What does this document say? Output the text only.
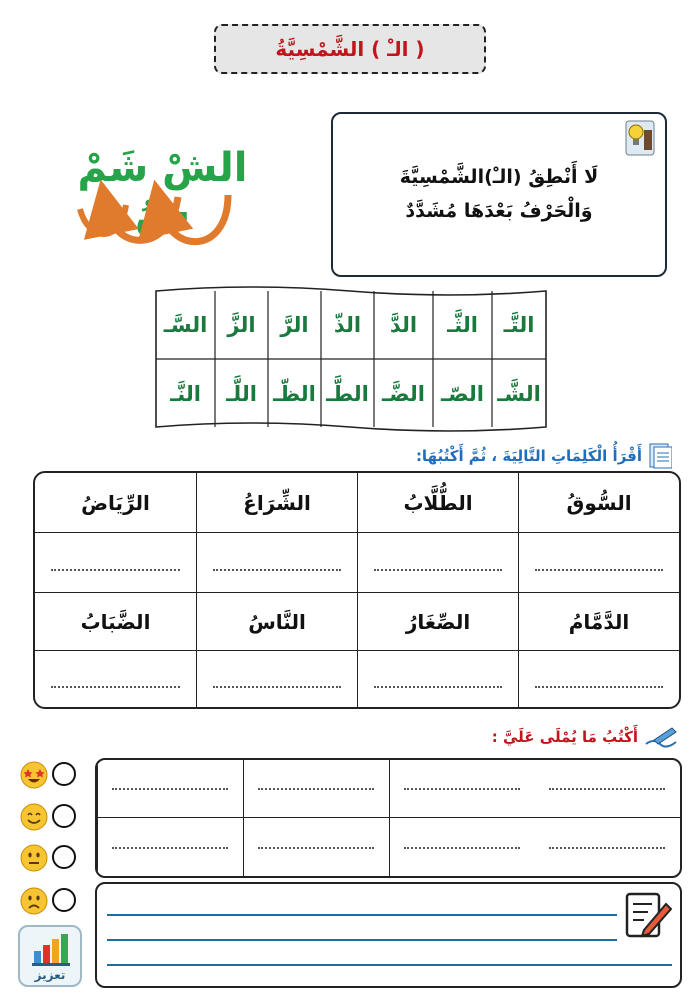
( الـْ ) الشَّمْسِيَّةُ
الشْ شَمْ سُ
لَا أَنْطِقُ (الـْ)الشَّمْسِيَّةَ
وَالْحَرْفُ بَعْدَهَا مُشَدَّدٌ
التَّـ
الثَّـ
الدَّ
الذّ
الرَّ
الزَّ
السَّـ
الشَّـ
الصّـ
الضَّـ
الطَّـ
الظّـ
اللَّـ
النَّـ
أَقْرَأُ الْكَلِمَاتِ التَّالِيَةَ ، ثُمَّ أَكْتُبُهَا:
السُّوقُ
الطُّلَّابُ
الشِّرَاعُ
الرِّيَاضُ
الدَّمَّامُ
الصِّغَارُ
النَّاسُ
الضَّبَابُ
أَكْتُبُ مَا يُمْلَى عَلَيَّ :
تعزيز
